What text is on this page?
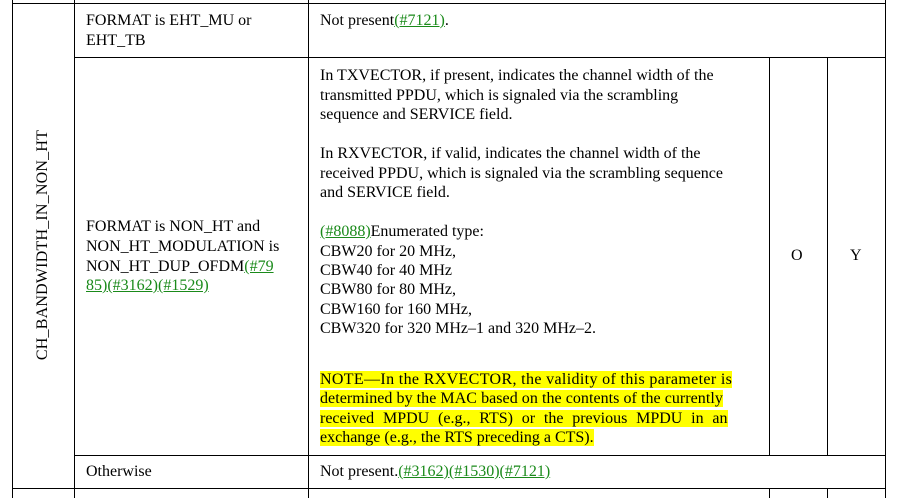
CH_BANDWIDTH_IN_NON_HT
FORMAT is EHT_MU or
EHT_TB
Not present(#7121).
FORMAT is NON_HT and
NON_HT_MODULATION is
NON_HT_DUP_OFDM(#79
85)(#3162)(#1529)
In TXVECTOR, if present, indicates the channel width of the
transmitted PPDU, which is signaled via the scrambling
sequence and SERVICE field.
In RXVECTOR, if valid, indicates the channel width of the
received PPDU, which is signaled via the scrambling sequence
and SERVICE field.
(#8088)Enumerated type:
CBW20 for 20 MHz,
CBW40 for 40 MHz
CBW80 for 80 MHz,
CBW160 for 160 MHz,
CBW320 for 320 MHz–1 and 320 MHz–2.
NOTE—In the RXVECTOR, the validity of this parameter is
determined by the MAC based on the contents of the currently
received MPDU (e.g., RTS) or the previous MPDU in an
exchange (e.g., the RTS preceding a CTS).
O	Y
Otherwise	Not present.(#3162)(#1530)(#7121)
